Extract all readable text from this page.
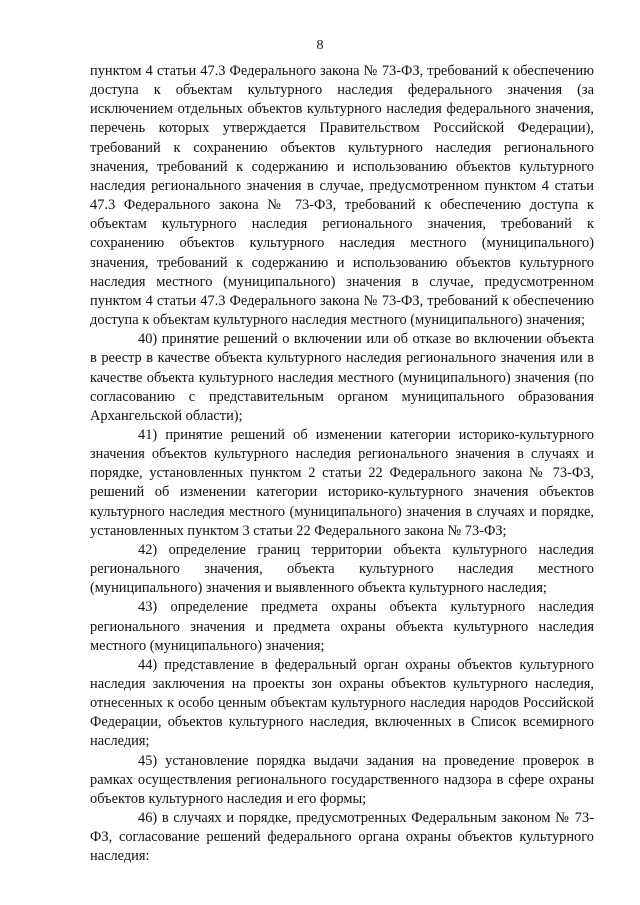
8

пунктом 4 статьи 47.3 Федерального закона № 73-ФЗ, требований к обеспечению доступа к объектам культурного наследия федерального значения (за исключением отдельных объектов культурного наследия федерального значения, перечень которых утверждается Правительством Российской Федерации), требований к сохранению объектов культурного наследия регионального значения, требований к содержанию и использованию объектов культурного наследия регионального значения в случае, предусмотренном пунктом 4 статьи 47.3 Федерального закона № 73-ФЗ, требований к обеспечению доступа к объектам культурного наследия регионального значения, требований к сохранению объектов культурного наследия местного (муниципального) значения, требований к содержанию и использованию объектов культурного наследия местного (муниципального) значения в случае, предусмотренном пунктом 4 статьи 47.3 Федерального закона № 73-ФЗ, требований к обеспечению доступа к объектам культурного наследия местного (муниципального) значения;

40) принятие решений о включении или об отказе во включении объекта в реестр в качестве объекта культурного наследия регионального значения или в качестве объекта культурного наследия местного (муниципального) значения (по согласованию с представительным органом муниципального образования Архангельской области);

41) принятие решений об изменении категории историко-культурного значения объектов культурного наследия регионального значения в случаях и порядке, установленных пунктом 2 статьи 22 Федерального закона № 73-ФЗ, решений об изменении категории историко-культурного значения объектов культурного наследия местного (муниципального) значения в случаях и порядке, установленных пунктом 3 статьи 22 Федерального закона № 73-ФЗ;

42) определение границ территории объекта культурного наследия регионального значения, объекта культурного наследия местного (муниципального) значения и выявленного объекта культурного наследия;

43) определение предмета охраны объекта культурного наследия регионального значения и предмета охраны объекта культурного наследия местного (муниципального) значения;

44) представление в федеральный орган охраны объектов культурного наследия заключения на проекты зон охраны объектов культурного наследия, отнесенных к особо ценным объектам культурного наследия народов Российской Федерации, объектов культурного наследия, включенных в Список всемирного наследия;

45) установление порядка выдачи задания на проведение проверок в рамках осуществления регионального государственного надзора в сфере охраны объектов культурного наследия и его формы;

46) в случаях и порядке, предусмотренных Федеральным законом № 73-ФЗ, согласование решений федерального органа охраны объектов культурного наследия:
